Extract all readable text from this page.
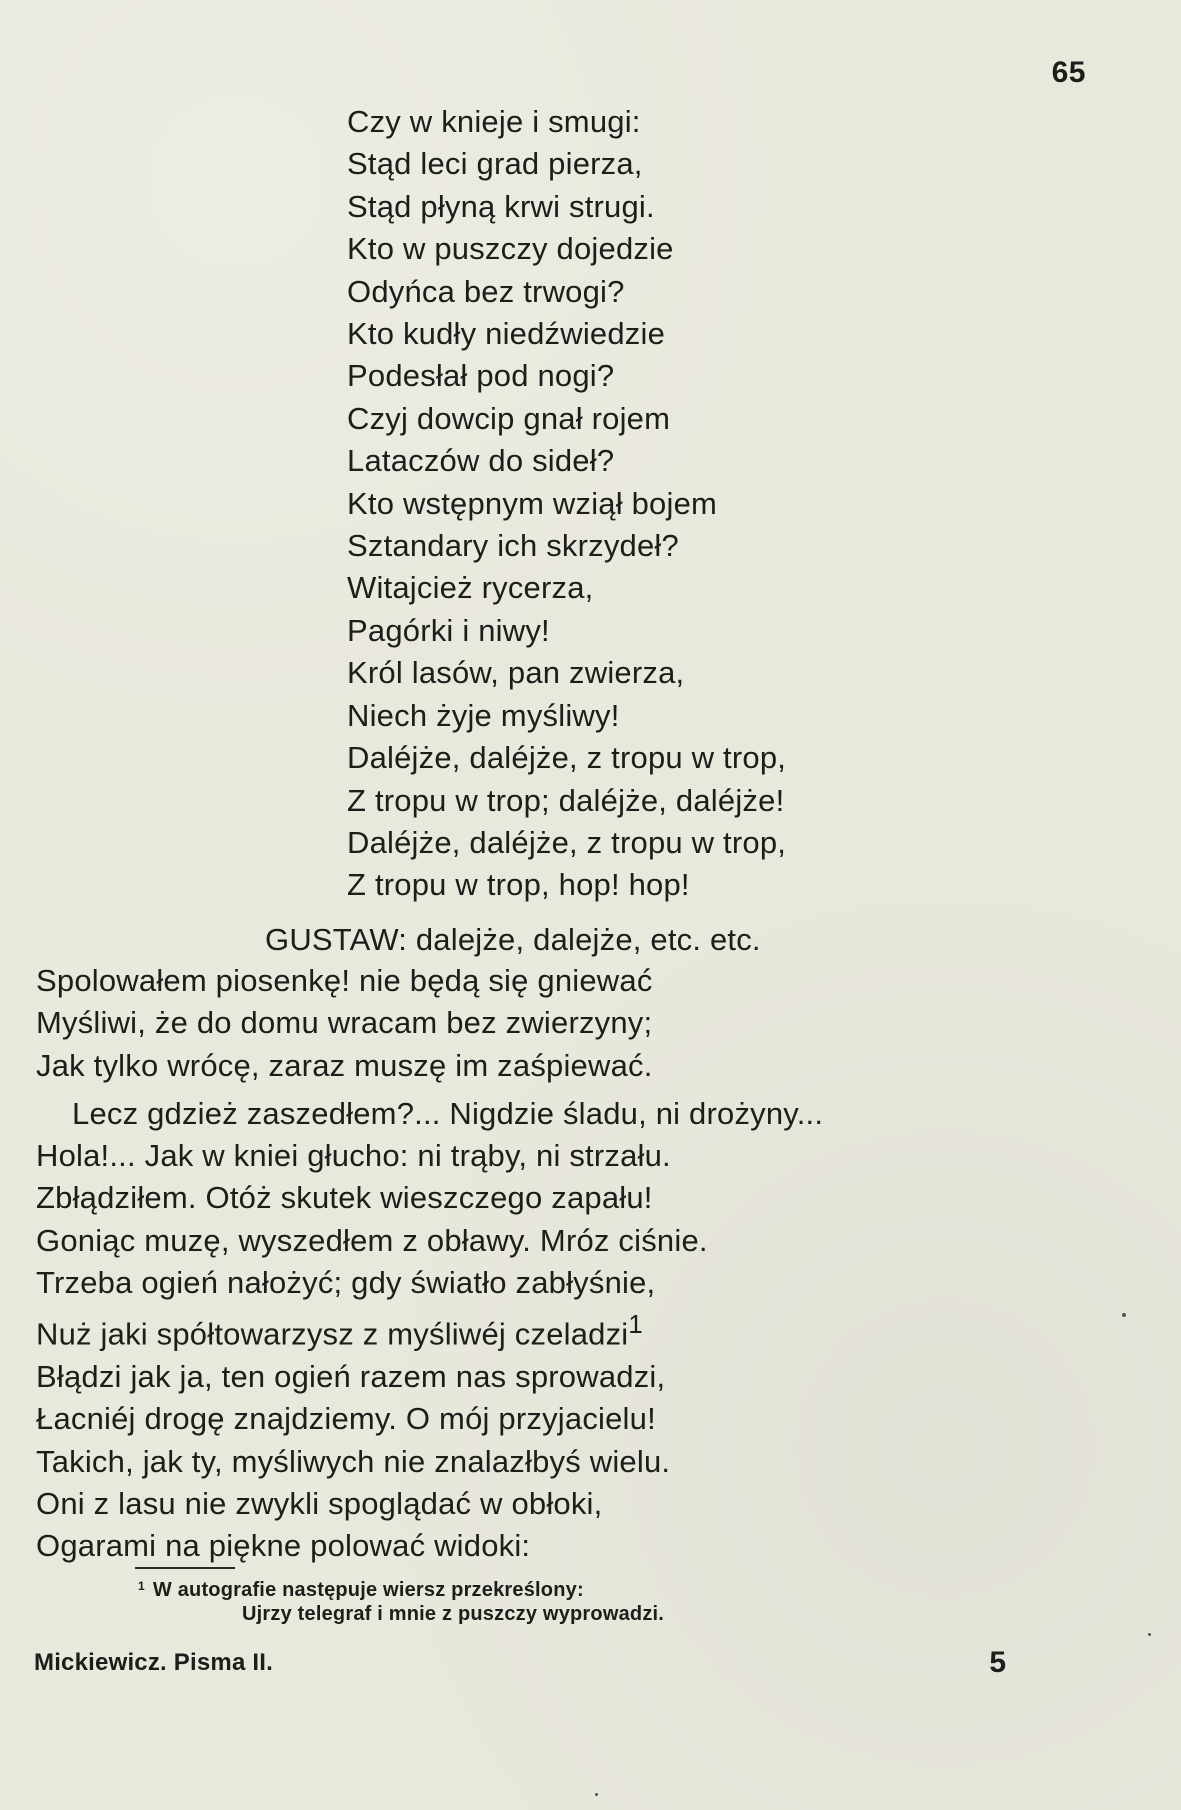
65
Czy w knieje i smugi:
Stąd leci grad pierza,
Stąd płyną krwi strugi.
Kto w puszczy dojedzie
Odyńca bez trwogi?
Kto kudły niedźwiedzie
Podesłał pod nogi?
Czyj dowcip gnał rojem
Lataczów do sideł?
Kto wstępnym wziął bojem
Sztandary ich skrzydeł?
Witajcież rycerza,
Pagórki i niwy!
Król lasów, pan zwierza,
Niech żyje myśliwy!
Daléjże, daléjże, z tropu w trop,
Z tropu w trop; daléjże, daléjże!
Daléjże, daléjże, z tropu w trop,
Z tropu w trop, hop! hop!
GUSTAW: dalejże, dalejże, etc. etc.
Spolowałem piosenkę! nie będą się gniewać
Myśliwi, że do domu wracam bez zwierzyny;
Jak tylko wrócę, zaraz muszę im zaśpiewać.
Lecz gdzież zaszedłem?... Nigdzie śladu, ni drożyny...
Hola!... Jak w kniei głucho: ni trąby, ni strzału.
Zbłądziłem. Otóż skutek wieszczego zapału!
Goniąc muzę, wyszedłem z obławy. Mróz ciśnie.
Trzeba ogień nałożyć; gdy światło zabłyśnie,
Nuż jaki spółtowarzysz z myśliwéj czeladzi$^1$
Błądzi jak ja, ten ogień razem nas sprowadzi,
Łacniéj drogę znajdziemy. O mój przyjacielu!
Takich, jak ty, myśliwych nie znalazłbyś wielu.
Oni z lasu nie zwykli spoglądać w obłoki,
Ogarami na piękne polować widoki:
1 W autografie następuje wiersz przekreślony:
Ujrzy telegraf i mnie z puszczy wyprowadzi.
Mickiewicz. Pisma II.	5
